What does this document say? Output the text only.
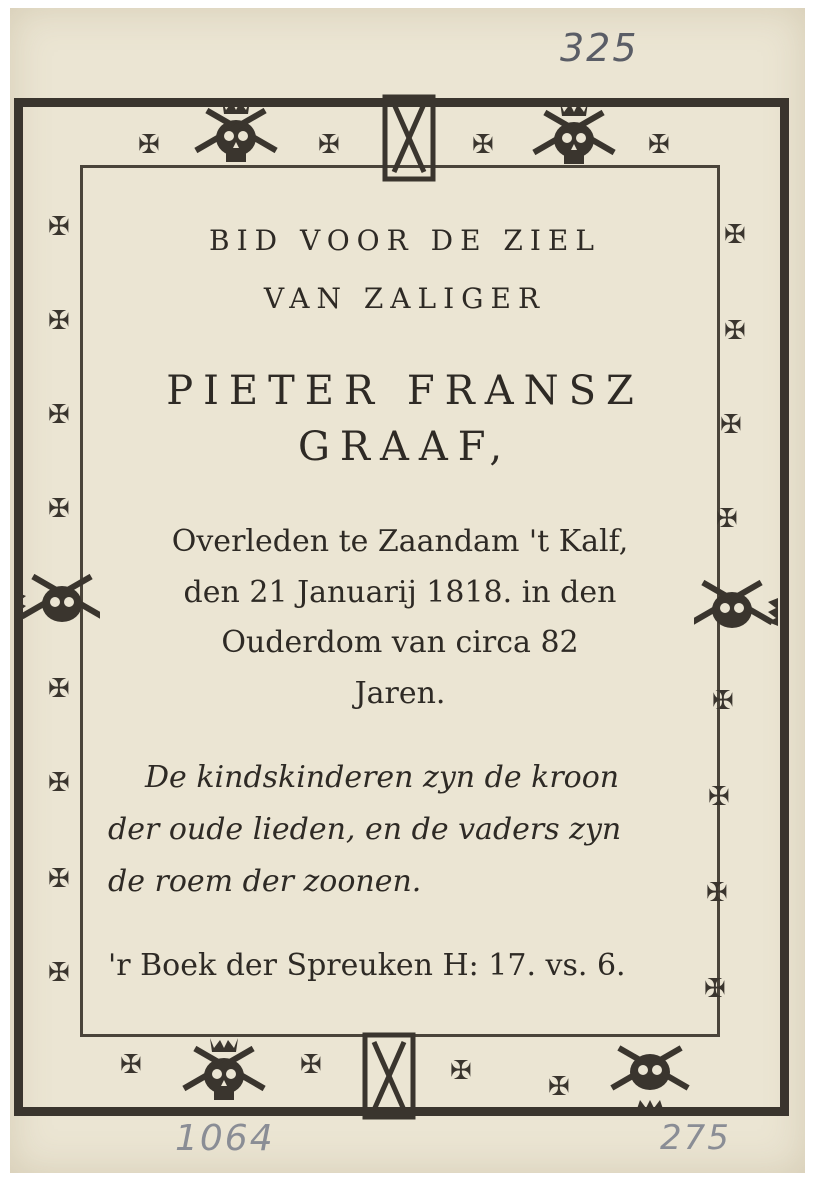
325
1064	275
✠	✠	✠	✠
✠
✠
✠
✠
✠
✠
✠
✠
✠
✠
✠
✠
✠
✠
✠
✠
✠	✠	✠
✠
BID VOOR DE ZIEL
VAN ZALIGER
PIETER FRANSZ
GRAAF,
Overleden te Zaandam 't Kalf,
den 21 Januarij 1818. in den
Ouderdom van circa 82
Jaren.
De kindskinderen zyn de kroon
der oude lieden, en de vaders zyn
de roem der zoonen.
'r Boek der Spreuken H: 17. vs. 6.
